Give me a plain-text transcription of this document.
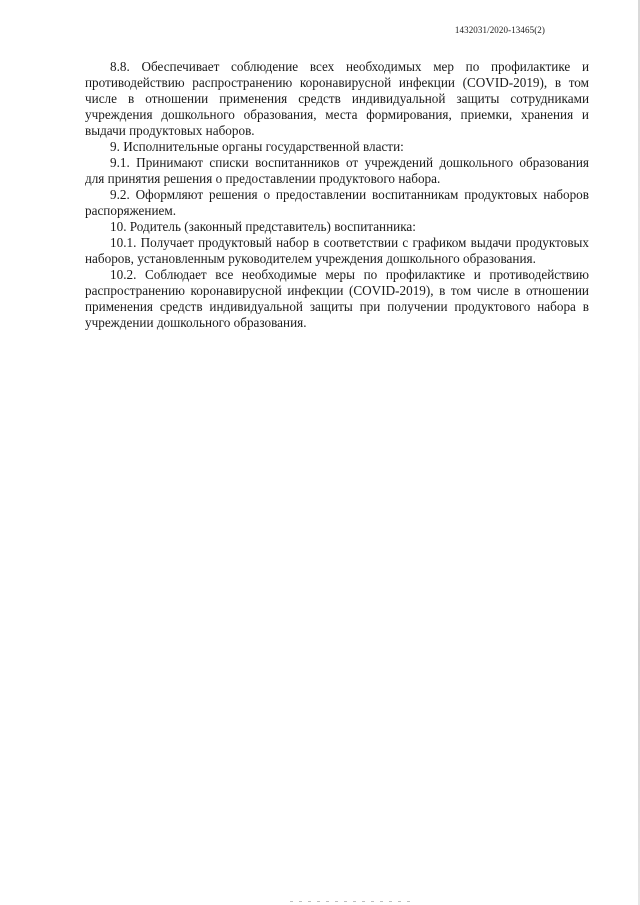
1432031/2020-13465(2)

8.8. Обеспечивает соблюдение всех необходимых мер по профилактике и противодействию распространению коронавирусной инфекции (COVID-2019), в том числе в отношении применения средств индивидуальной защиты сотрудниками учреждения дошкольного образования, места формирования, приемки, хранения и выдачи продуктовых наборов.

9. Исполнительные органы государственной власти:

9.1. Принимают списки воспитанников от учреждений дошкольного образования для принятия решения о предоставлении продуктового набора.

9.2. Оформляют решения о предоставлении воспитанникам продуктовых наборов распоряжением.

10. Родитель (законный представитель) воспитанника:

10.1. Получает продуктовый набор в соответствии с графиком выдачи продуктовых наборов, установленным руководителем учреждения дошкольного образования.

10.2. Соблюдает все необходимые меры по профилактике и противодействию распространению коронавирусной инфекции (COVID-2019), в том числе в отношении применения средств индивидуальной защиты при получении продуктового набора в учреждении дошкольного образования.
